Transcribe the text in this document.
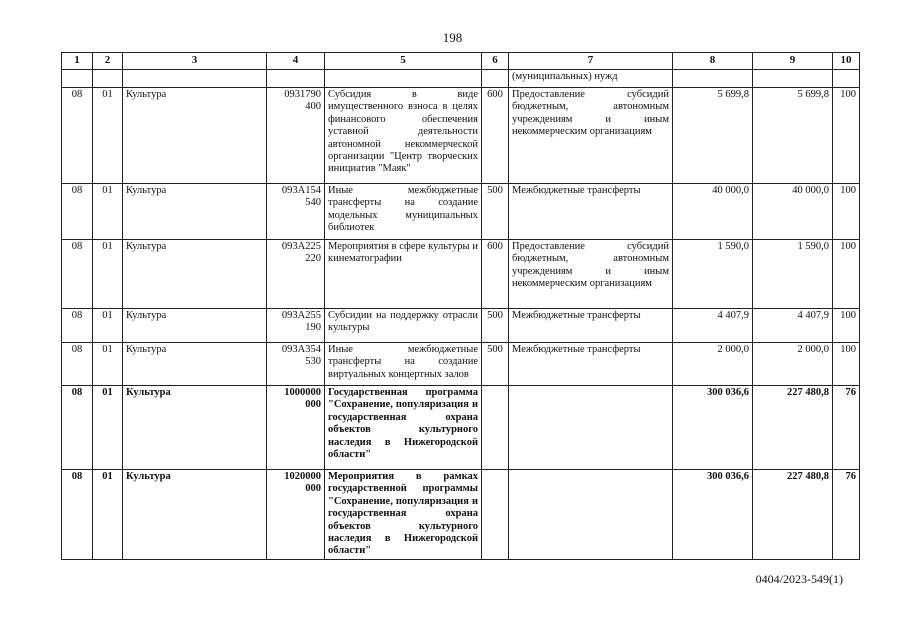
198
1	2	3	4	5	6	7	8	9	10
						(муниципальных) нужд			
08	01	Культура	0931790 400	Субсидия в виде имущественного взноса в целях финансового обеспечения уставной деятельности автономной некоммерческой организации "Центр творческих инициатив "Маяк"	600	Предоставление субсидий бюджетным, автономным учреждениям и иным некоммерческим организациям	5 699,8	5 699,8	100
08	01	Культура	093A154 540	Иные межбюджетные трансферты на создание модельных муниципальных библиотек	500	Межбюджетные трансферты	40 000,0	40 000,0	100
08	01	Культура	093A225 220	Мероприятия в сфере культуры и кинематографии	600	Предоставление субсидий бюджетным, автономным учреждениям и иным некоммерческим организациям	1 590,0	1 590,0	100
08	01	Культура	093A255 190	Субсидии на поддержку отрасли культуры	500	Межбюджетные трансферты	4 407,9	4 407,9	100
08	01	Культура	093A354 530	Иные межбюджетные трансферты на создание виртуальных концертных залов	500	Межбюджетные трансферты	2 000,0	2 000,0	100
08	01	Культура	1000000 000	Государственная программа "Сохранение, популяризация и государственная охрана объектов культурного наследия в Нижегородской области"			300 036,6	227 480,8	76
08	01	Культура	1020000 000	Мероприятия в рамках государственной программы "Сохранение, популяризация и государственная охрана объектов культурного наследия в Нижегородской области"			300 036,6	227 480,8	76
0404/2023-549(1)
